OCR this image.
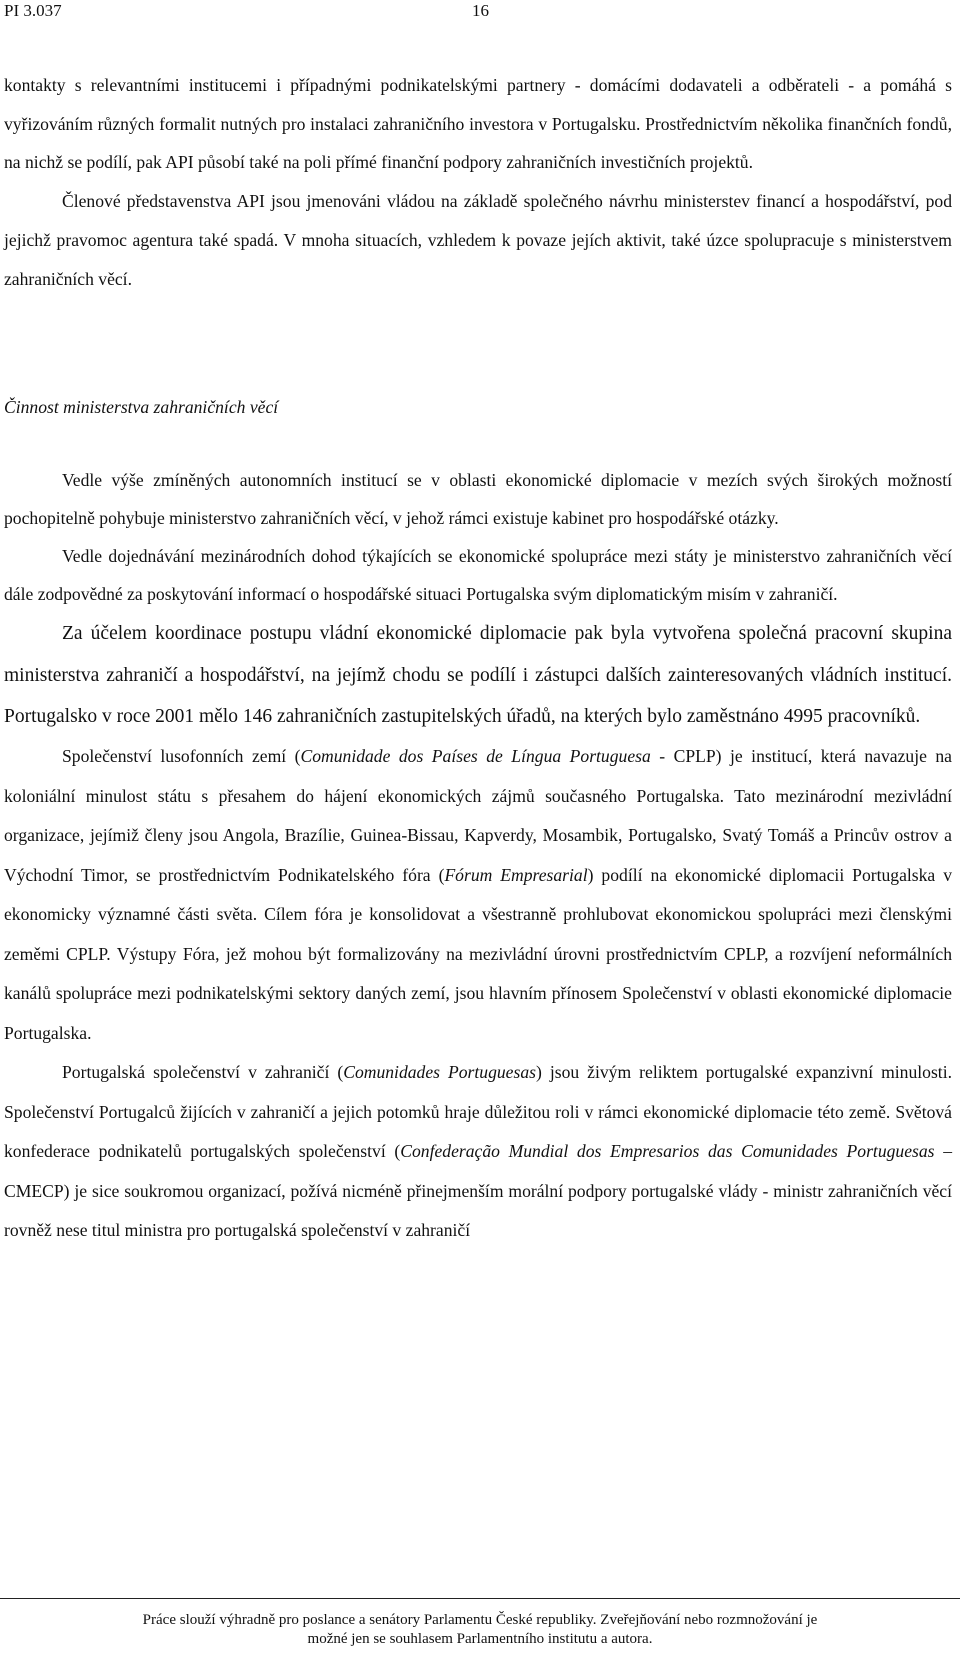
PI 3.037	16

kontakty s relevantními institucemi i případnými podnikatelskými partnery - domácími dodavateli a odběrateli - a pomáhá s vyřizováním různých formalit nutných pro instalaci zahraničního investora v Portugalsku. Prostřednictvím několika finančních fondů, na nichž se podílí, pak API působí také na poli přímé finanční podpory zahraničních investičních projektů.

Členové představenstva API jsou jmenováni vládou na základě společného návrhu ministerstev financí a hospodářství, pod jejichž pravomoc agentura také spadá. V mnoha situacích, vzhledem k povaze jejích aktivit, také úzce spolupracuje s ministerstvem zahraničních věcí.

Činnost ministerstva zahraničních věcí

Vedle výše zmíněných autonomních institucí se v oblasti ekonomické diplomacie v mezích svých širokých možností pochopitelně pohybuje ministerstvo zahraničních věcí, v jehož rámci existuje kabinet pro hospodářské otázky.

Vedle dojednávání mezinárodních dohod týkajících se ekonomické spolupráce mezi státy je ministerstvo zahraničních věcí dále zodpovědné za poskytování informací o hospodářské situaci Portugalska svým diplomatickým misím v zahraničí.

Za účelem koordinace postupu vládní ekonomické diplomacie pak byla vytvořena společná pracovní skupina ministerstva zahraničí a hospodářství, na jejímž chodu se podílí i zástupci dalších zainteresovaných vládních institucí. Portugalsko v roce 2001 mělo 146 zahraničních zastupitelských úřadů, na kterých bylo zaměstnáno 4995 pracovníků.

Společenství lusofonních zemí (Comunidade dos Países de Língua Portuguesa - CPLP) je institucí, která navazuje na koloniální minulost státu s přesahem do hájení ekonomických zájmů současného Portugalska. Tato mezinárodní mezivládní organizace, jejímiž členy jsou Angola, Brazílie, Guinea-Bissau, Kapverdy, Mosambik, Portugalsko, Svatý Tomáš a Princův ostrov a Východní Timor, se prostřednictvím Podnikatelského fóra (Fórum Empresarial) podílí na ekonomické diplomacii Portugalska v ekonomicky významné části světa. Cílem fóra je konsolidovat a všestranně prohlubovat ekonomickou spolupráci mezi členskými zeměmi CPLP. Výstupy Fóra, jež mohou být formalizovány na mezivládní úrovni prostřednictvím CPLP, a rozvíjení neformálních kanálů spolupráce mezi podnikatelskými sektory daných zemí, jsou hlavním přínosem Společenství v oblasti ekonomické diplomacie Portugalska.

Portugalská společenství v zahraničí (Comunidades Portuguesas) jsou živým reliktem portugalské expanzivní minulosti. Společenství Portugalců žijících v zahraničí a jejich potomků hraje důležitou roli v rámci ekonomické diplomacie této země. Světová konfederace podnikatelů portugalských společenství (Confederação Mundial dos Empresarios das Comunidades Portuguesas – CMECP) je sice soukromou organizací, požívá nicméně přinejmenším morální podpory portugalské vlády - ministr zahraničních věcí rovněž nese titul ministra pro portugalská společenství v zahraničí

Práce slouží výhradně pro poslance a senátory Parlamentu České republiky. Zveřejňování nebo rozmnožování je
možné jen se souhlasem Parlamentního institutu a autora.
